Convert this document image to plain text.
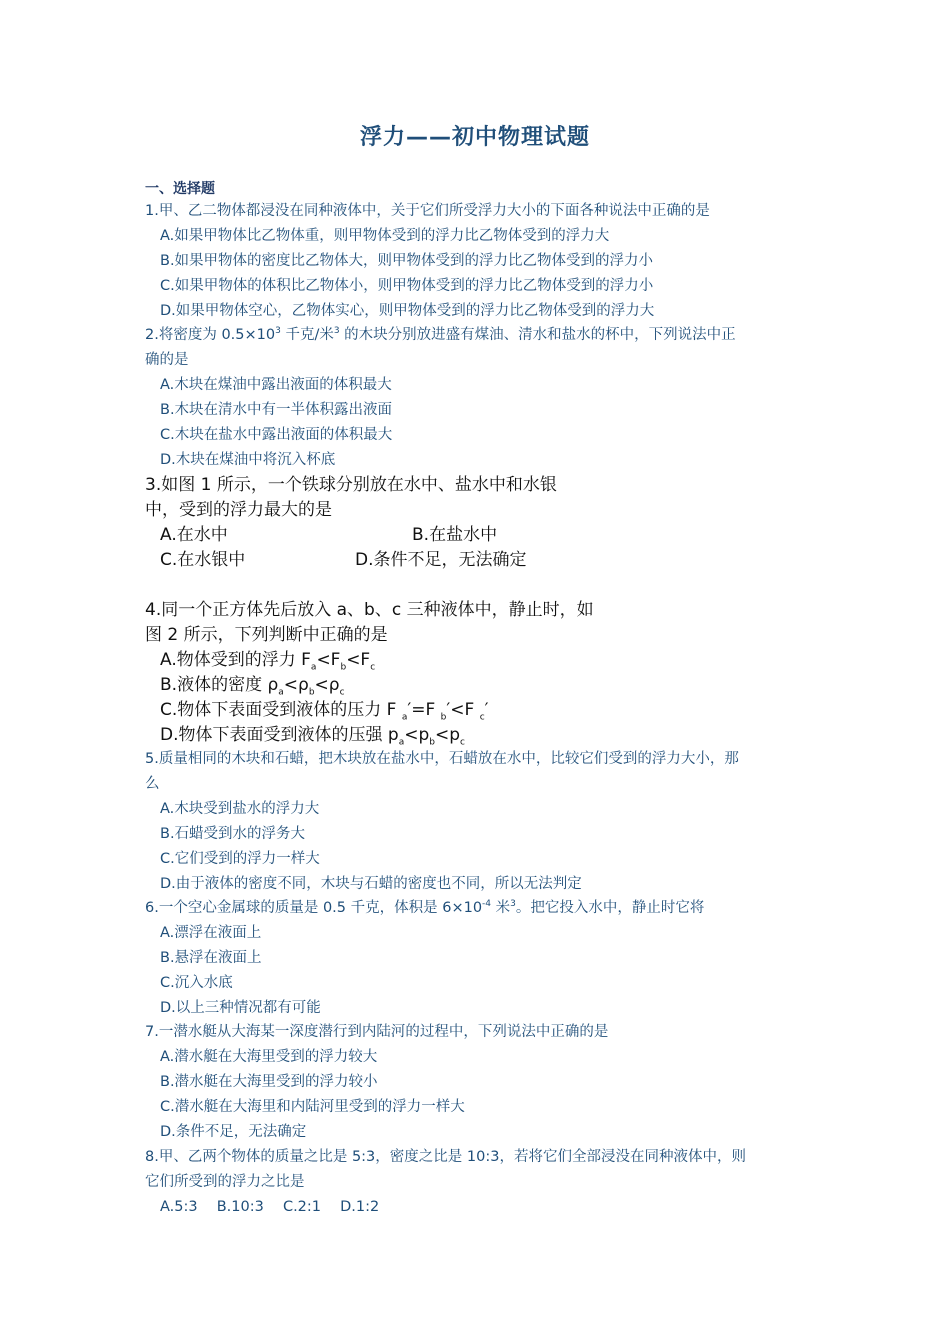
浮力——初中物理试题
一、选择题
1.甲、乙二物体都浸没在同种液体中，关于它们所受浮力大小的下面各种说法中正确的是
A.如果甲物体比乙物体重，则甲物体受到的浮力比乙物体受到的浮力大
B.如果甲物体的密度比乙物体大，则甲物体受到的浮力比乙物体受到的浮力小
C.如果甲物体的体积比乙物体小，则甲物体受到的浮力比乙物体受到的浮力小
D.如果甲物体空心，乙物体实心，则甲物体受到的浮力比乙物体受到的浮力大
2.将密度为 $0.5\times 10^3$ 千克/米$^3$ 的木块分别放进盛有煤油、清水和盐水的杯中，下列说法中正
确的是
A.木块在煤油中露出液面的体积最大
B.木块在清水中有一半体积露出液面
C.木块在盐水中露出液面的体积最大
D.木块在煤油中将沉入杯底
3.如图 1 所示，一个铁球分别放在水中、盐水中和水银
中，受到的浮力最大的是
A.在水中	B.在盐水中
C.在水银中	D.条件不足，无法确定
4.同一个正方体先后放入 a、b、c 三种液体中，静止时，如
图 2 所示，下列判断中正确的是
A.物体受到的浮力 $F_a<F_b<F_c$
B.液体的密度 $\rho_a<\rho_b<\rho_c$
C.物体下表面受到液体的压力 F $_a$′=F $_b$′<F $_c$′
D.物体下表面受到液体的压强 $p_a<p_b<p_c$
5.质量相同的木块和石蜡，把木块放在盐水中，石蜡放在水中，比较它们受到的浮力大小，那
么
A.木块受到盐水的浮力大
B.石蜡受到水的浮务大
C.它们受到的浮力一样大
D.由于液体的密度不同，木块与石蜡的密度也不同，所以无法判定
6.一个空心金属球的质量是 0.5 千克，体积是 $6\times 10^{-4}$ 米$^3$。把它投入水中，静止时它将
A.漂浮在液面上
B.悬浮在液面上
C.沉入水底
D.以上三种情况都有可能
7.一潜水艇从大海某一深度潜行到内陆河的过程中，下列说法中正确的是
A.潜水艇在大海里受到的浮力较大
B.潜水艇在大海里受到的浮力较小
C.潜水艇在大海里和内陆河里受到的浮力一样大
D.条件不足，无法确定
8.甲、乙两个物体的质量之比是 5:3，密度之比是 10:3，若将它们全部浸没在同种液体中，则
它们所受到的浮力之比是
A.5:3　 B.10:3　 C.2:1　 D.1:2
